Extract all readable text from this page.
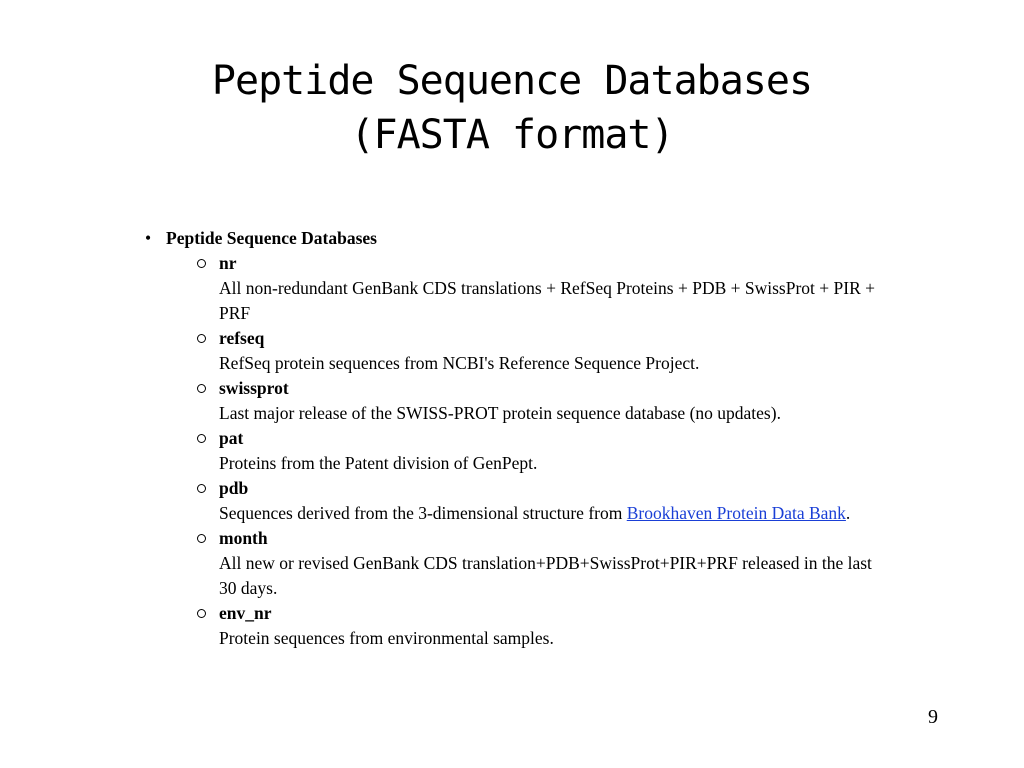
Peptide Sequence Databases
(FASTA format)
• Peptide Sequence Databases
nr
All non-redundant GenBank CDS translations + RefSeq Proteins + PDB + SwissProt + PIR + PRF
refseq
RefSeq protein sequences from NCBI's Reference Sequence Project.
swissprot
Last major release of the SWISS-PROT protein sequence database (no updates).
pat
Proteins from the Patent division of GenPept.
pdb
Sequences derived from the 3-dimensional structure from Brookhaven Protein Data Bank.
month
All new or revised GenBank CDS translation+PDB+SwissProt+PIR+PRF released in the last 30 days.
env_nr
Protein sequences from environmental samples.
9
